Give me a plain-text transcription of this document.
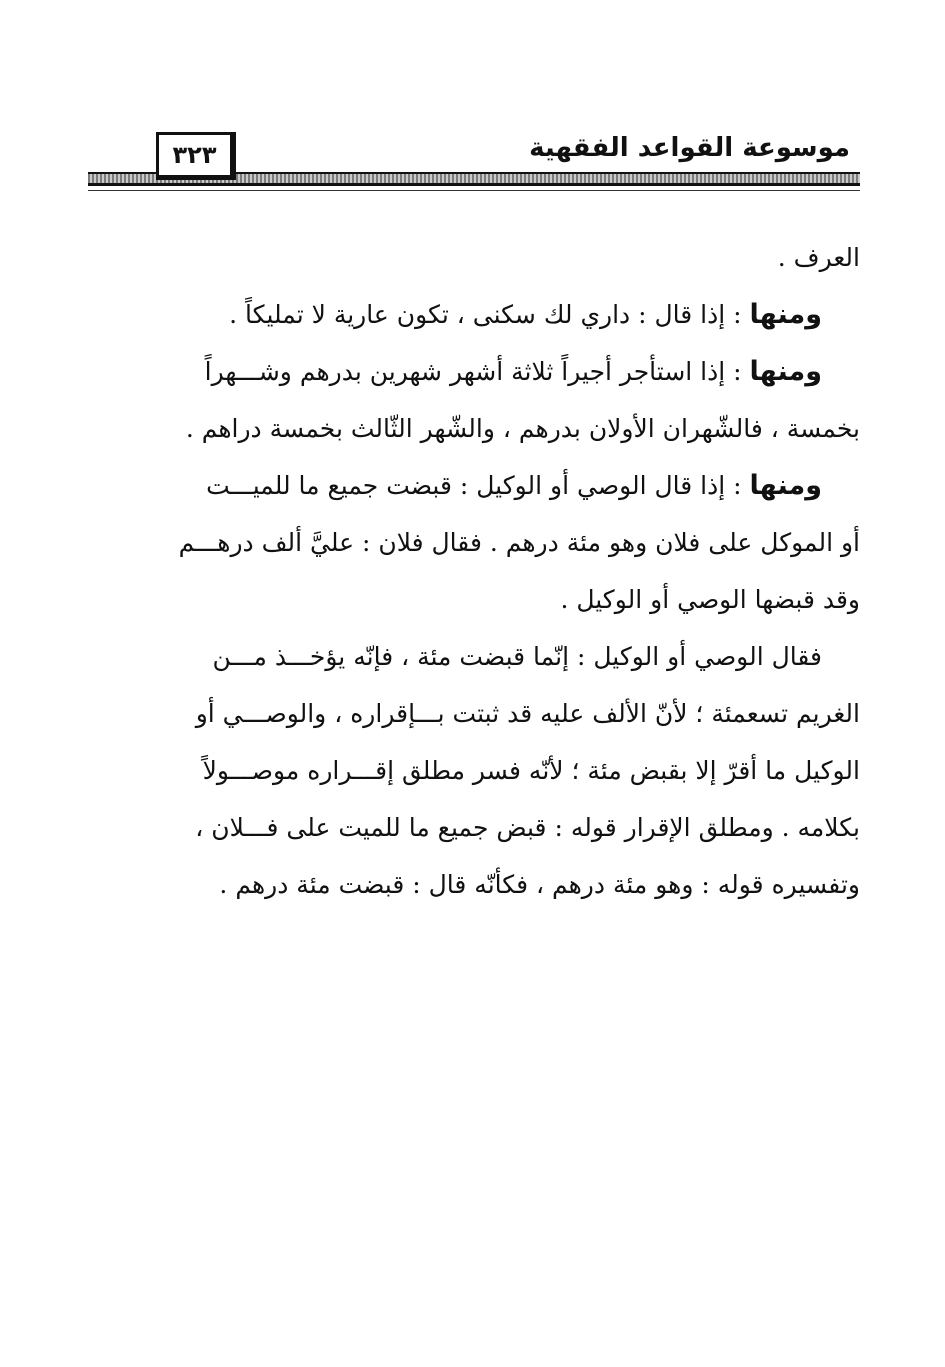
موسوعة القواعد الفقهية
٣٢٣
العرف .
ومنها : إذا قال : داري لك سكنى ، تكون عارية لا تمليكاً .
ومنها : إذا استأجر أجيراً ثلاثة أشهر شهرين بدرهم وشـــهراً
بخمسة ، فالشّهران الأولان بدرهم ، والشّهر الثّالث بخمسة دراهم .
ومنها : إذا قال الوصي أو الوكيل : قبضت جميع ما للميـــت
أو الموكل على فلان وهو مئة درهم . فقال فلان : عليَّ ألف درهـــم
وقد قبضها الوصي أو الوكيل .
فقال الوصي أو الوكيل : إنّما قبضت مئة ، فإنّه يؤخـــذ مـــن
الغريم تسعمئة ؛ لأنّ الألف عليه قد ثبتت بـــإقراره ، والوصـــي أو
الوكيل ما أقرّ إلا بقبض مئة ؛ لأنّه فسر مطلق إقـــراره موصـــولاً
بكلامه . ومطلق الإقرار قوله : قبض جميع ما للميت على فـــلان ،
وتفسيره قوله : وهو مئة درهم ، فكأنّه قال : قبضت مئة درهم .
